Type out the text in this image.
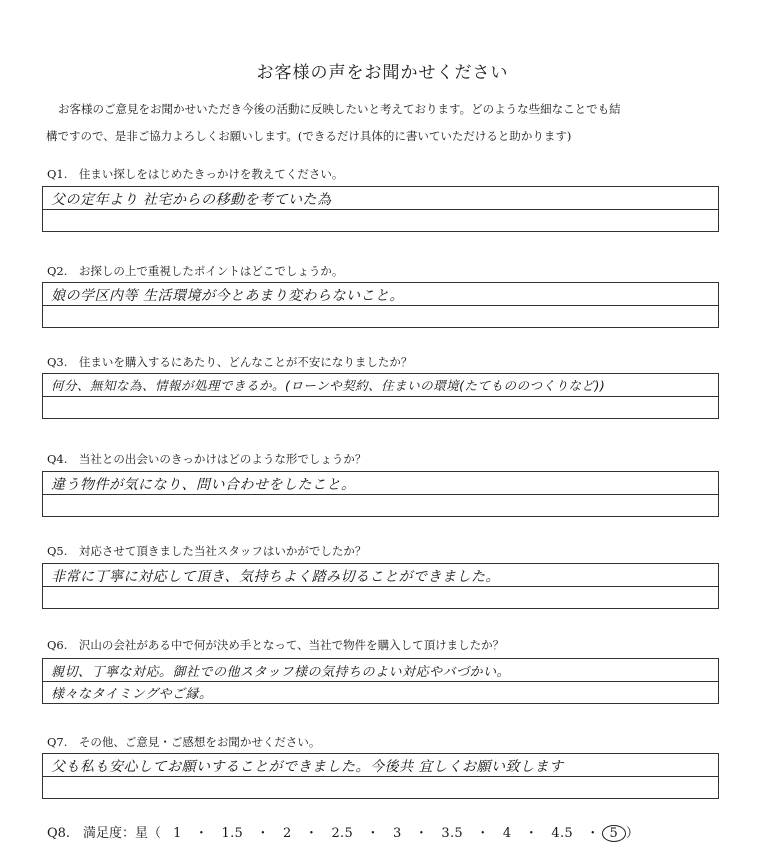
お客様の声をお聞かせください

お客様のご意見をお聞かせいただき今後の活動に反映したいと考えております。どのような些細なことでも結

構ですので、是非ご協力よろしくお願いします。(できるだけ具体的に書いていただけると助かります)

Q1.　住まい探しをはじめたきっかけを教えてください。
父の定年より 社宅からの移動を考ていた為
Q2.　お探しの上で重視したポイントはどこでしょうか。
娘の学区内等 生活環境が今とあまり変わらないこと。
Q3.　住まいを購入するにあたり、どんなことが不安になりましたか？
何分、無知な為、情報が処理できるか。(ローンや契約、住まいの環境(たてもののつくりなど))
Q4.　当社との出会いのきっかけはどのような形でしょうか？
違う物件が気になり、問い合わせをしたこと。
Q5.　対応させて頂きました当社スタッフはいかがでしたか？
非常に丁寧に対応して頂き、気持ちよく踏み切ることができました。
Q6.　沢山の会社がある中で何が決め手となって、当社で物件を購入して頂けましたか？
親切、丁寧な対応。御社での他スタッフ様の気持ちのよい対応やバづかい。
様々なタイミングやご縁。
Q7.　その他、ご意見・ご感想をお聞かせください。
父も私も安心してお願いすることができました。今後共 宜しくお願い致します
Q8.　満足度：星（ 1　・　1.5　・　2　・　2.5　・　3　・　3.5　・　4　・　4.5　・ 5 ）
